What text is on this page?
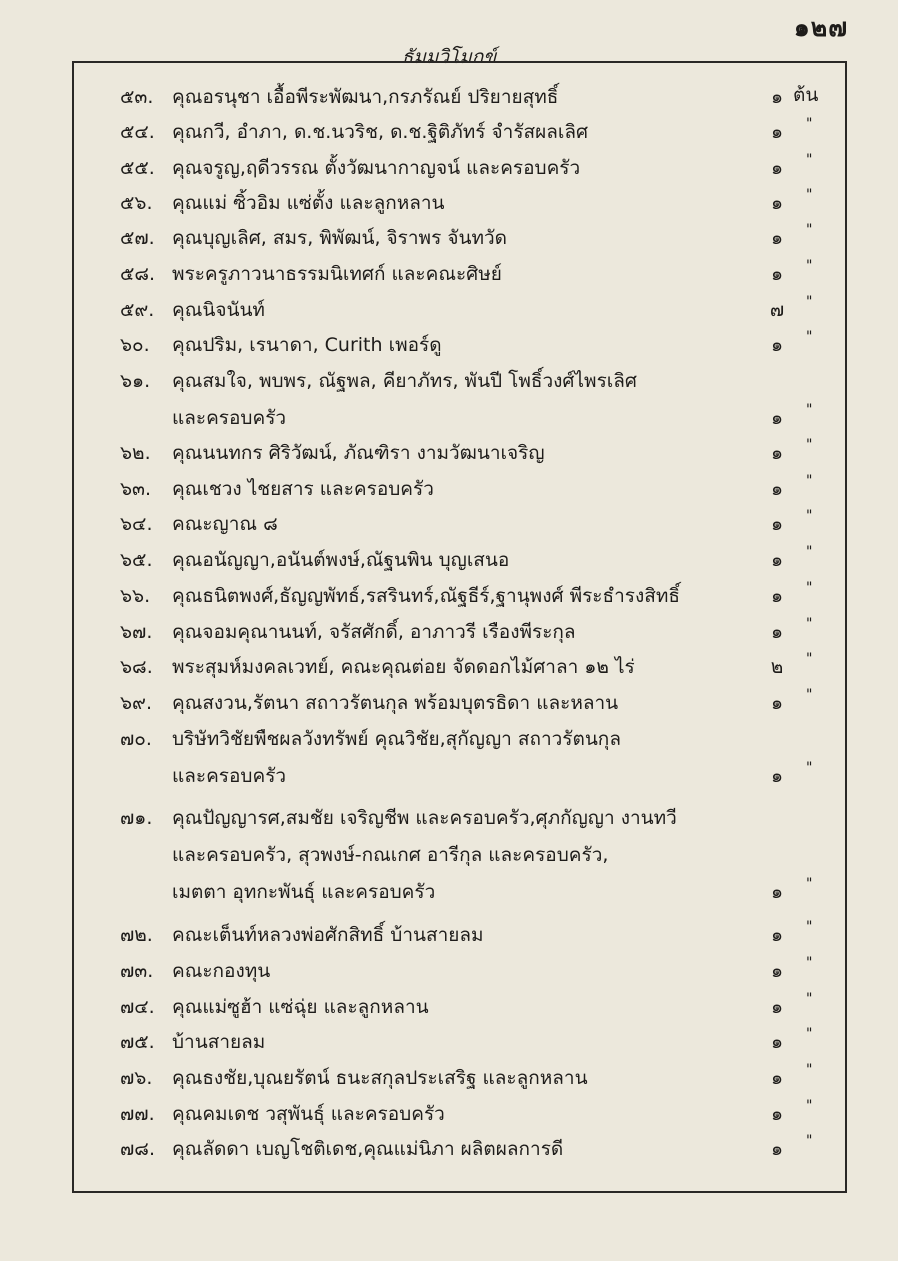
๑๒๗
ธัมมวิโมกข์
๕๓. คุณอรนุชา เอื้อพีระพัฒนา,กรภรัณย์ ปริยายสุทธิ์	๑ ต้น
๕๔. คุณกวี, อำภา, ด.ช.นวริช, ด.ช.ฐิติภัทร์ จำรัสผลเลิศ	๑	"
๕๕. คุณจรูญ,ฤดีวรรณ ตั้งวัฒนากาญจน์ และครอบครัว	๑	"
๕๖. คุณแม่ ซิ้วอิม แซ่ตั้ง และลูกหลาน	๑	"
๕๗. คุณบุญเลิศ, สมร, พิพัฒน์, จิราพร จันทวัด	๑	"
๕๘. พระครูภาวนาธรรมนิเทศก์ และคณะศิษย์	๑	"
๕๙. คุณนิจนันท์	๗	"
๖๐. คุณปริม, เรนาดา, Curith เพอร์ดู	๑	"
๖๑. คุณสมใจ, พบพร, ณัฐพล, คียาภัทร, พันปี โพธิ์วงศ์ไพรเลิศ
และครอบครัว	๑	"
๖๒. คุณนนทกร ศิริวัฒน์, ภัณฑิรา งามวัฒนาเจริญ	๑	"
๖๓. คุณเชวง ไชยสาร และครอบครัว	๑	"
๖๔. คณะญาณ ๘	๑	"
๖๕. คุณอนัญญา,อนันต์พงษ์,ณัฐนพิน บุญเสนอ	๑	"
๖๖. คุณธนิตพงศ์,ธัญญพัทธ์,รสรินทร์,ณัฐธีร์,ฐานุพงศ์ พีระธำรงสิทธิ์	๑	"
๖๗. คุณจอมคุณานนท์, จรัสศักดิ์, อาภาวรี เรืองพีระกุล	๑	"
๖๘. พระสุมห์มงคลเวทย์, คณะคุณต่อย จัดดอกไม้ศาลา ๑๒ ไร่	๒	"
๖๙. คุณสงวน,รัตนา สถาวรัตนกุล พร้อมบุตรธิดา และหลาน	๑	"
๗๐. บริษัทวิชัยพืชผลวังทรัพย์ คุณวิชัย,สุกัญญา สถาวรัตนกุล
และครอบครัว	๑	"
๗๑. คุณปัญญารศ,สมชัย เจริญชีพ และครอบครัว,ศุภกัญญา งานทวี
และครอบครัว, สุวพงษ์-กณเกศ อารีกุล และครอบครัว,
เมตตา อุทกะพันธุ์ และครอบครัว	๑	"
๗๒. คณะเต็นท์หลวงพ่อศักสิทธิ์ บ้านสายลม	๑	"
๗๓. คณะกองทุน	๑	"
๗๔. คุณแม่ซูฮ้า แซ่ฉุ่ย และลูกหลาน	๑	"
๗๕. บ้านสายลม	๑	"
๗๖. คุณธงชัย,บุณยรัตน์ ธนะสกุลประเสริฐ และลูกหลาน	๑	"
๗๗. คุณคมเดช วสุพันธุ์ และครอบครัว	๑	"
๗๘. คุณลัดดา เบญโชติเดช,คุณแม่นิภา ผลิตผลการดี	๑	"
